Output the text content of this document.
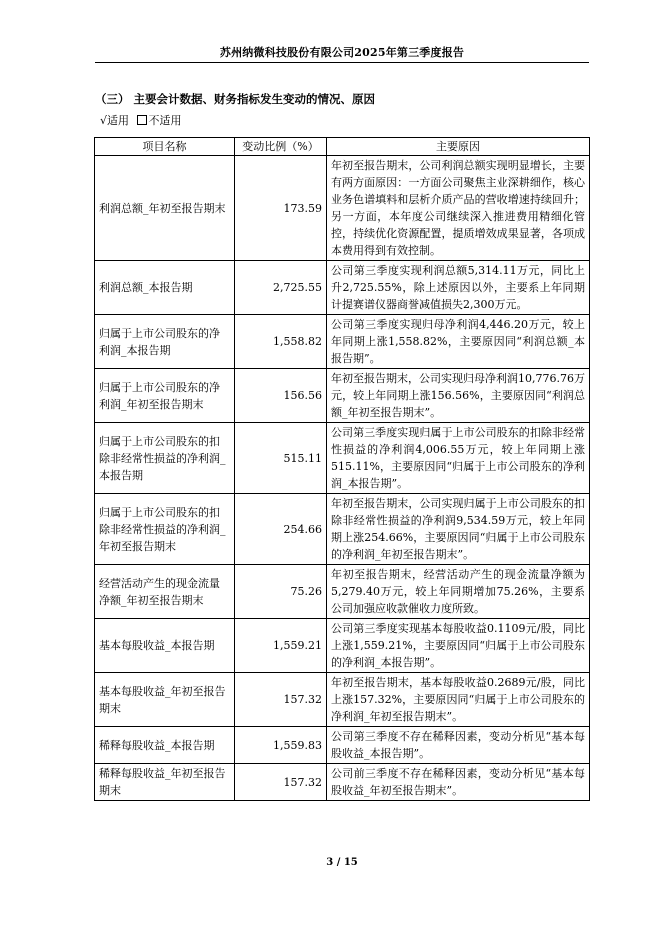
苏州纳微科技股份有限公司2025年第三季度报告
（三） 主要会计数据、财务指标发生变动的情况、原因
√适用 不适用
项目名称	变动比例（%）	主要原因
利润总额_年初至报告期末	173.59	年初至报告期末，公司利润总额实现明显增长，主要有两方面原因：一方面公司聚焦主业深耕细作，核心业务色谱填料和层析介质产品的营收增速持续回升；另一方面，本年度公司继续深入推进费用精细化管控，持续优化资源配置，提质增效成果显著，各项成本费用得到有效控制。
利润总额_本报告期	2,725.55	公司第三季度实现利润总额5,314.11万元，同比上升2,725.55%，除上述原因以外，主要系上年同期计提赛谱仪器商誉减值损失2,300万元。
归属于上市公司股东的净利润_本报告期	1,558.82	公司第三季度实现归母净利润4,446.20万元，较上年同期上涨1,558.82%，主要原因同“利润总额_本报告期”。
归属于上市公司股东的净利润_年初至报告期末	156.56	年初至报告期末，公司实现归母净利润10,776.76万元，较上年同期上涨156.56%，主要原因同“利润总额_年初至报告期末”。
归属于上市公司股东的扣除非经常性损益的净利润_本报告期	515.11	公司第三季度实现归属于上市公司股东的扣除非经常性损益的净利润4,006.55万元，较上年同期上涨515.11%，主要原因同“归属于上市公司股东的净利润_本报告期”。
归属于上市公司股东的扣除非经常性损益的净利润_年初至报告期末	254.66	年初至报告期末，公司实现归属于上市公司股东的扣除非经常性损益的净利润9,534.59万元，较上年同期上涨254.66%，主要原因同“归属于上市公司股东的净利润_年初至报告期末”。
经营活动产生的现金流量净额_年初至报告期末	75.26	年初至报告期末，经营活动产生的现金流量净额为5,279.40万元，较上年同期增加75.26%，主要系公司加强应收款催收力度所致。
基本每股收益_本报告期	1,559.21	公司第三季度实现基本每股收益0.1109元/股，同比上涨1,559.21%，主要原因同“归属于上市公司股东的净利润_本报告期”。
基本每股收益_年初至报告期末	157.32	年初至报告期末，基本每股收益0.2689元/股，同比上涨157.32%，主要原因同“归属于上市公司股东的净利润_年初至报告期末”。
稀释每股收益_本报告期	1,559.83	公司第三季度不存在稀释因素，变动分析见“基本每股收益_本报告期”。
稀释每股收益_年初至报告期末	157.32	公司前三季度不存在稀释因素，变动分析见“基本每股收益_年初至报告期末”。
3 / 15
